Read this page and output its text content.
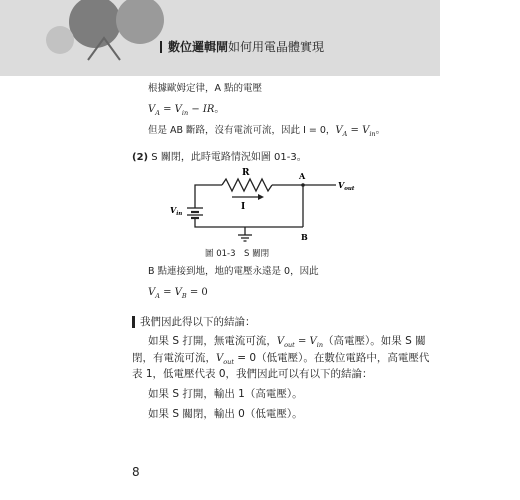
數位邏輯閘如何用電晶體實現
根據歐姆定律，A 點的電壓
$V_A = V_{in}$ − IR。
但是 AB 斷路，沒有電流可流，因此 I = 0，$V_A = V_{in}$。
(2) S 關閉，此時電路情況如圖 01-3。
R
I
A
$V_{out}$
$V_{in}$
B
圖 01-3　S 關閉
B 點連接到地，地的電壓永遠是 0，因此
$V_A = V_B = 0$
我們因此得以下的結論：
如果 S 打開，無電流可流，$V_{out} = V_{in}$（高電壓）。如果 S 關
閉，有電流可流，$V_{out} = 0$（低電壓）。在數位電路中，高電壓代
表 1，低電壓代表 0，我們因此可以有以下的結論：
如果 S 打開，輸出 1（高電壓）。
如果 S 關閉，輸出 0（低電壓）。
8
